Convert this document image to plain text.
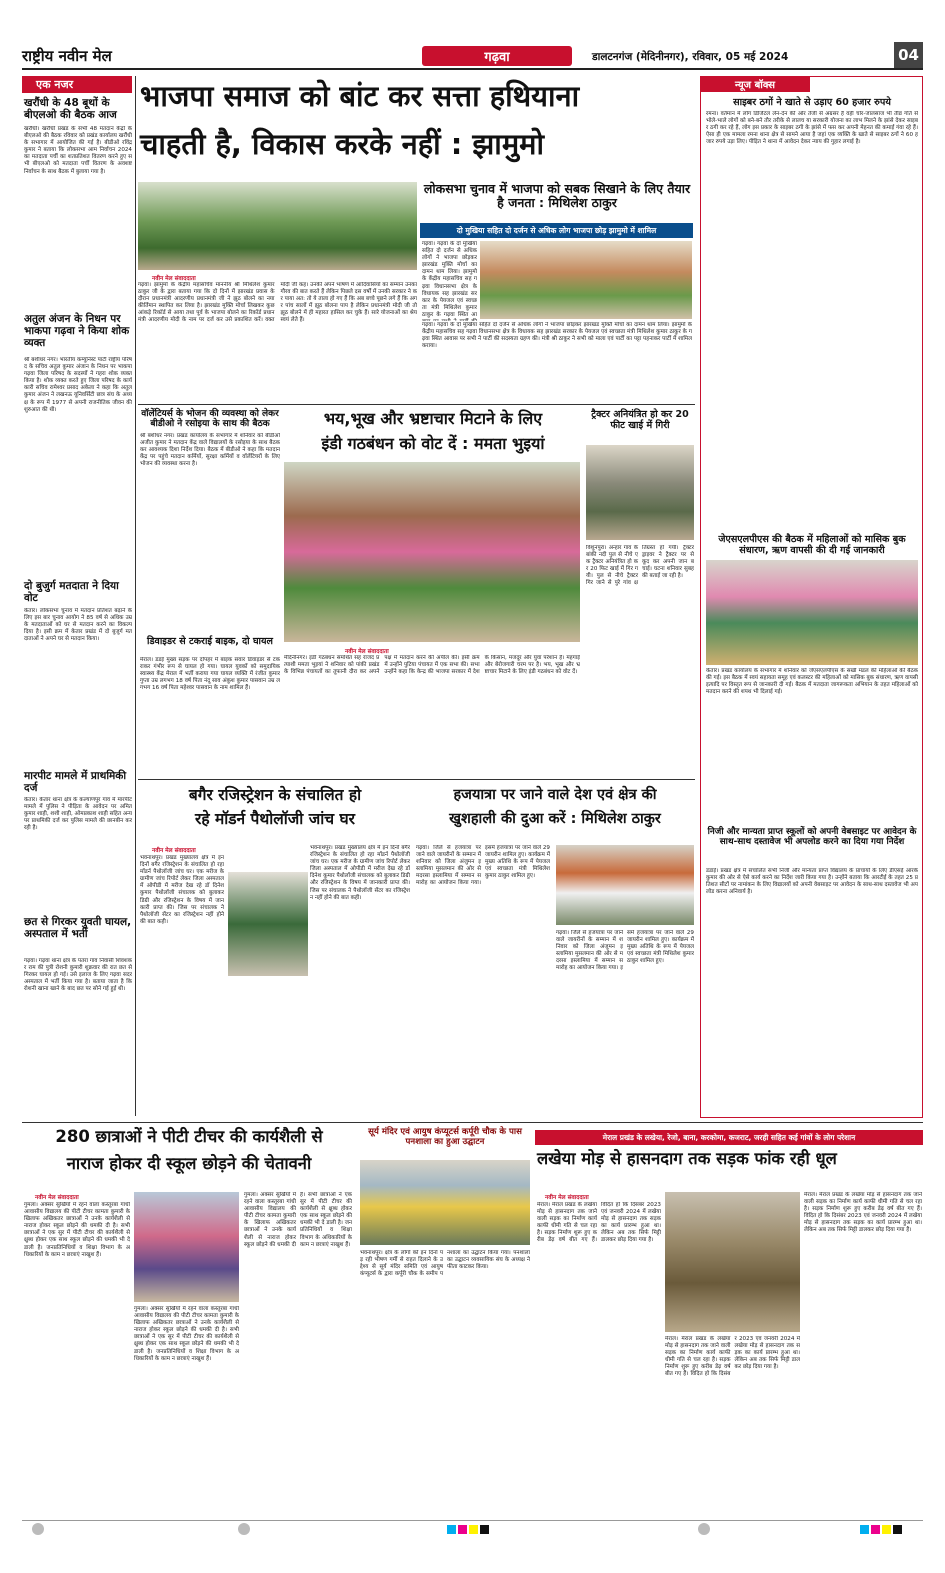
राष्ट्रीय नवीन मेल	गढ़वा	डालटनगंज (मेदिनीनगर), रविवार, 05 मई 2024	04
एक नजर
खरौंधी के 48 बूथों के बीएलओ की बैठक आज
खरौंधी। खरौंधी प्रखंड के सभी 48 मतदान केंद्रों के बीएलओ की बैठक रविवार को प्रखंड कार्यालय खरौंधी के सभागार में आयोजित की गई है। बीडीओ रविंद्र कुमार ने बताया कि लोकसभा आम निर्वाचन 2024 का मतदाता पर्ची का शतप्रतिशत वितरण करने हुए सभी बीएलओ को मतदाता पर्ची वितरण के अवशष्ट निर्वाचन के साथ बैठक में बुलाया गया है।
अतुल अंजन के निधन पर भाकपा गढ़वा ने किया शोक व्यक्त
श्री बंशीधर नगर। भारतीय कम्युनिस्ट पार्टी राष्ट्रीय परिषद के सचिव अतुल कुमार अंजान के निधन पर भाकपा गढ़वा जिला परिषद के सदस्यों ने गहरा शोक व्यक्त किया है। शोक व्यक्त करते हुए जिला परिषद के कार्यकारी सचिव रामेश्वर प्रसाद अकेला ने कहा कि अतुल कुमार अंजन ने लखनऊ यूनिवर्सिटी छात्र संघ के अध्यक्ष के रूप में 1977 से अपनी राजनीतिक जीवन की शुरुआत की थी।
दो बुजुर्ग मतदाता ने दिया वोट
केतार। लोकसभा चुनाव में मतदान प्रतिशत बढ़ाने के लिए इस बार चुनाव आयोग ने 85 वर्ष से अधिक उम्र के मतदाताओं को घर से मतदान करने का विकल्प दिया है। इसी क्रम में केतार प्रखंड में दो बुजुर्ग मतदाताओं ने अपने घर से मतदान किया।
मारपीट मामले में प्राथमिकी दर्ज
केतार। केतार थाना क्षेत्र के कल्याणपुर गांव में मारपीट मामले में पुलिस ने पीड़िता के आवेदन पर अमित कुमार शाही, शशी शाही, ओमप्रकाश शाही सहित अन्य पर प्राथमिकी दर्ज कर पुलिस मामले की छानबीन कर रही है।
छत से गिरकर युवती घायल, अस्पताल में भर्ती
गढ़वा। गढ़वा थाना क्षेत्र के पतरा गांव निवासी शिवशंकर राम की पुत्री रोशनी कुमारी शुक्रवार की रात छत से गिरकर घायल हो गई। उसे इलाज के लिए गढ़वा सदर अस्पताल में भर्ती किया गया है। बताया जाता है कि रोशनी खाना खाने के बाद छत पर सोने गई हुई थी।
भाजपा समाज को बांट कर सत्ता हथियाना
चाहती है, विकास करके नहीं : झामुमो
नवीन मेल संवाददाता
गढ़वा। झामुमो के केंद्रीय महासचिव माननीय श्री मिथिलेश कुमार ठाकुर जी के द्वारा बताया गया कि दो दिनों में झारखंड प्रवास के दौरान प्रधानमंत्री आदरणीय प्रधानमंत्री जी ने झूठ बोलने का नया कीर्तिमान स्थापित कर लिया है। झारखंड मुक्ति मोर्चा लिखकर कुछ आंकड़े रिकॉर्ड से आया तथा पूर्व के भाजपा बोलने का रिकॉर्ड प्रधानमंत्री आदरणीय मोदी के नाम पर दर्ज कर उसे प्रकाशित करें। वक्त मोदी जी कह। उनकी अपने भाषण में आदिवासियों का सम्मान उनका गौरव की बात करते हैं लेकिन पिछले दस वर्षों में उनकी सरकार ने कर पाया अत: तो ये ताला हो गए हैं कि अब बच्चे पूछने लगे हैं कि अगर पांच सालों में झूठ बोलना पाप है लेकिन प्रधानमंत्री मोदी जी तो झूठ बोलने में ही महारत हासिल कर चुके हैं। सारे योजनाओं का श्रेय स्वयं लेते हैं।
लोकसभा चुनाव में भाजपा को सबक सिखाने के लिए तैयार है जनता : मिथिलेश ठाकुर
दो मुखिया सहित दो दर्जन से अधिक लोग भाजपा छोड़ झामुमो में शामिल
गढ़वा। गढ़वा के दो मुखिया सहित दो दर्जन से अधिक लोगों ने भाजपा छोड़कर झारखंड मुक्ति मोर्चा का दामन थाम लिया। झामुमो के केंद्रीय महासचिव सह गढ़वा विधानसभा क्षेत्र के विधायक सह झारखंड सरकार के पेयजल एवं स्वच्छता मंत्री मिथिलेश कुमार ठाकुर के गढ़वा स्थित आ
गढ़वा। गढ़वा के दो मुखिया सहित दो दर्जन से अधिक लोगों ने भाजपा छोड़कर झारखंड मुक्ति मोर्चा का दामन थाम लिया। झामुमो के केंद्रीय महासचिव सह गढ़वा विधानसभा क्षेत्र के विधायक सह झारखंड सरकार के पेयजल एवं स्वच्छता मंत्री मिथिलेश कुमार ठाकुर के गढ़वा स्थित आवास पर सभी ने पार्टी की सदस्यता ग्रहण की। मंत्री श्री ठाकुर ने सभी को माला एवं पार्टी का पट्टा पहनाकर पार्टी में शामिल कराया।
वॉलेंटियर्स के भोजन की व्यवस्था को लेकर बीडीओ ने रसोइया के साथ की बैठक
श्री बंशीधर नगर। प्रखंड कार्यालय के सभागार में शनिवार को बीडीओ अजीत कुमार ने मतदान केंद्र वाले विद्यालयों के रसोइया के साथ बैठक कर आवश्यक दिशा निर्देश दिया। बैठक में बीडीओ ने कहा कि मतदान केंद्र पर पहुंचे मतदान कर्मियों, सुरक्षा कर्मियों व वॉलेंटियरों के लिए भोजन की व्यवस्था करना है।
भय,भूख और भ्रष्टाचार मिटाने के लिए
इंडी गठबंधन को वोट दें : ममता भुइयां
नवीन मेल संवाददाता
मेदिनीनगर। इंडी गठबंधन समर्थित सह राजद प्रत्याशी ममता भुइयां ने शनिवार को पांकी प्रखंड के विभिन्न पंचायतों का तूफानी दौरा कर अपने पक्ष में मतदान करने की अपील की। इसी क्रम में उन्होंने पुटिया पंचायत में एक सभा की। सभा उन्होंने कहा कि केन्द्र की भाजपा सरकार में देश के किसान, मजदूर और युवा परेशान हैं। महंगाई और बेरोजगारी चरम पर है। भय, भूख और भ्रष्टाचार मिटाने के लिए इंडी गठबंधन को वोट दें।
ट्रैक्टर अनियंत्रित हो कर 20 फीट खाई में गिरी
विशुनपुरा। अन्हार गांव के बांकी नदी पुल से नीचे एक ट्रैक्टर अनियंत्रित हो कर 20 फिट खाई में गिर गयी। पुल से नीचे ट्रैक्टर गिर जाने से पुरे गांव क्षतिग्रस्त हो गयी। ट्रैक्टर ड्राइवर ने ट्रैक्टर पर से कूद कर अपनी जान बचाई। घटना शनिवार सुबह की बताई जा रही है।
डिवाइडर से टकराई बाइक, दो घायल
मेराल। डंडई मुख्य सड़क पर दोपहर में बाइक सवार डिवाइडर से टकराकर गंभीर रूप से घायल हो गया। घायल युवकों को समुदायिक स्वास्थ्य केंद्र मेराल में भर्ती कराया गया घायल व्यक्ति में रंजीत कुमार गुप्ता उम्र लगभग 18 वर्ष पिता नंदू साव अंकुश कुमार पासवान उम्र लगभग 16 वर्ष पिता महेश्वर पासवान के नाम शामिल हैं।
बगैर रजिस्ट्रेशन के संचालित हो
रहे मॉडर्न पैथोलॉजी जांच घर
नवीन मेल संवाददाता
भवनाथपुर। प्रखंड मुख्यालय क्षेत्र में इन दिनों बगैर रजिस्ट्रेशन के संचालित हो रहा मॉडर्न पैथोलॉजी जांच घर। एक मरीज के ग्रामीण जांच रिपोर्ट लेकर जिला अस्पताल में ओपीडी में मरीज देख रहे डॉ दिनेश कुमार पैथोलॉजी संचालक को बुलाकर डिग्री और रजिस्ट्रेशन के विषय में जानकारी प्राप्त की। जिस पर संचालक ने पैथोलॉजी सेंटर का रजिस्ट्रेशन नहीं होने की बात कही।
भवनाथपुर। प्रखंड मुख्यालय क्षेत्र में इन दिनों बगैर रजिस्ट्रेशन के संचालित हो रहा मॉडर्न पैथोलॉजी जांच घर। एक मरीज के ग्रामीण जांच रिपोर्ट लेकर जिला अस्पताल में ओपीडी में मरीज देख रहे डॉ दिनेश कुमार पैथोलॉजी संचालक को बुलाकर डिग्री और रजिस्ट्रेशन के विषय में जानकारी प्राप्त की। जिस पर संचालक ने पैथोलॉजी सेंटर का रजिस्ट्रेशन नहीं होने की बात कही।
हजयात्रा पर जाने वाले देश एवं क्षेत्र की
खुशहाली की दुआ करें : मिथिलेश ठाकुर
गढ़वा। जिले से हजयात्रा पर जाने वाले जायरीनों के सम्मान में शनिवार को जिला अंजुमन इस्लामिया मुसलमान की ओर से मदरसा इस्लामिया में सम्मान समारोह का आयोजन किया गया। इसमें हजयात्रा पर जाने वाले 29 जायरीन शामिल हुए। कार्यक्रम में मुख्य अतिथि के रूप में पेयजल एवं स्वच्छता मंत्री मिथिलेश कुमार ठाकुर शामिल हुए।
गढ़वा। जिले से हजयात्रा पर जाने वाले जायरीनों के सम्मान में शनिवार को जिला अंजुमन इस्लामिया मुसलमान की ओर से मदरसा इस्लामिया में सम्मान समारोह का आयोजन किया गया। इसमें हजयात्रा पर जाने वाले 29 जायरीन शामिल हुए। कार्यक्रम में मुख्य अतिथि के रूप में पेयजल एवं स्वच्छता मंत्री मिथिलेश कुमार ठाकुर शामिल हुए।
280 छात्राओं ने पीटी टीचर की कार्यशैली से
नाराज होकर दी स्कूल छोड़ने की चेतावनी
नवीन मेल संवाददाता
गुमला। अक्सर सुर्खियों में रहने वाला कस्तूरबा गांधी आवासीय विद्यालय की पीटी टीचर कामता कुमारी के खिलाफ अखिकतर छात्राओं ने उनके कार्यशैली से नाराज होकर स्कूल छोड़ने की धमकी दी है। सभी छात्राओं ने एक सुर में पीटी टीचर की कार्यशैली से क्षुब्ध होकर एक साथ स्कूल छोड़ने की धमकी भी दे डाली है। जनप्रतिनिधियों व शिक्षा विभाग के अधिकारियों के काम न छात्राएं नाखुश हैं।
गुमला। अक्सर सुर्खियों में रहने वाला कस्तूरबा गांधी आवासीय विद्यालय की पीटी टीचर कामता कुमारी के खिलाफ अखिकतर छात्राओं ने उनके कार्यशैली से नाराज होकर स्कूल छोड़ने की धमकी दी है। सभी छात्राओं ने एक सुर में पीटी टीचर की कार्यशैली से क्षुब्ध होकर एक साथ स्कूल छोड़ने की धमकी भी दे डाली है। जनप्रतिनिधियों व शिक्षा विभाग के अधिकारियों के काम न छात्राएं नाखुश हैं।
गुमला। अक्सर सुर्खियों में रहने वाला कस्तूरबा गांधी आवासीय विद्यालय की पीटी टीचर कामता कुमारी के खिलाफ अखिकतर छात्राओं ने उनके कार्यशैली से नाराज होकर स्कूल छोड़ने की धमकी दी है। सभी छात्राओं ने एक सुर में पीटी टीचर की कार्यशैली से क्षुब्ध होकर एक साथ स्कूल छोड़ने की धमकी भी दे डाली है। जनप्रतिनिधियों व शिक्षा विभाग के अधिकारियों के काम न छात्राएं नाखुश हैं।
सूर्य मंदिर एवं आयुष कंप्यूटर्स कर्पूरी चौक के पास पनशाला का हुआ उद्घाटन
भवनाथपुर। क्षेत्र के लोगों को इन दिनों पड़ रही भीषण गर्मी से राहत दिलाने के उद्देश्य से सूर्य मंदिर समिति एवं आयुष कंप्यूटर्स के द्वारा कर्पूरी चौक के समीप पनशाला का उद्घाटन किया गया। पनशाला का उद्घाटन व्यवसायिक संघ के अध्यक्ष ने फीता काटकर किया।
मेराल प्रखंड के लखेया, रेजो, बाना, करकोमा, कजराट, जरही सहित कई गांवों के लोग परेशान
लखेया मोड़ से हासनदाग तक सड़क फांक रही धूल
नवीन मेल संवाददाता
मेराल। मेराल प्रखंड के लखेया मोड़ से हासनदाग तक जाने वाली सड़क का निर्माण कार्य काफी धीमी गति से चल रहा है। सड़क निर्माण शुरू हुए करीब डेढ़ वर्ष बीत गए हैं। विदित हो कि दिसंबर 2023 एवं जनवरी 2024 में लखेया मोड़ से हासनदाग तक सड़क का कार्य प्रारम्भ हुआ था। लेकिन अब तक सिर्फ मिट्टी डालकर छोड़ दिया गया है।
मेराल। मेराल प्रखंड के लखेया मोड़ से हासनदाग तक जाने वाली सड़क का निर्माण कार्य काफी धीमी गति से चल रहा है। सड़क निर्माण शुरू हुए करीब डेढ़ वर्ष बीत गए हैं। विदित हो कि दिसंबर 2023 एवं जनवरी 2024 में लखेया मोड़ से हासनदाग तक सड़क का कार्य प्रारम्भ हुआ था। लेकिन अब तक सिर्फ मिट्टी डालकर छोड़ दिया गया है।
मेराल। मेराल प्रखंड के लखेया मोड़ से हासनदाग तक जाने वाली सड़क का निर्माण कार्य काफी धीमी गति से चल रहा है। सड़क निर्माण शुरू हुए करीब डेढ़ वर्ष बीत गए हैं। विदित हो कि दिसंबर 2023 एवं जनवरी 2024 में लखेया मोड़ से हासनदाग तक सड़क का कार्य प्रारम्भ हुआ था। लेकिन अब तक सिर्फ मिट्टी डालकर छोड़ दिया गया है।
न्यूज बॉक्स
साइबर ठगों ने खाते से उड़ाए 60 हजार रुपये
रमना। वर्तमान में लोग डिजिटल लेन-देन की ओर तेजी से अग्रसर हैं वहीं चोर-जालसाज भी तीव्र गति से भोले-भाले लोगों को बने-बने तौर तरीके से लालच या सरकारी योजना का लाभ मिलने के झांसे देकर साइबर ठगी कर रहे हैं, लोग इस प्रकार के साइबर ठगी के झांसे में फस कर अपनी मेहनत की कमाई गंवा रहे हैं। ऐसा ही एक मामला रमना थाना क्षेत्र से सामने आया है जहां एक व्यक्ति के खाते से साइबर ठगों ने 60 हजार रुपये उड़ा लिए। पीड़ित ने थाना में आवेदन देकर न्याय की गुहार लगाई है।
जेएसएलपीएस की बैठक में महिलाओं को मासिक बुक संधारण, ऋण वापसी की दी गई जानकारी
केतार। प्रखंड कार्यालय के सभागार में शनिवार को जेएसएलपीएस के सखी मंडल की महिलाओं की बैठक की गई। इस बैठक में स्वयं सहायता समूह एवं कलस्टर की महिलाओं को मासिक बुक संधारण, ऋण वापसी इत्यादि पर विस्तृत रूप से जानकारी दी गई। बैठक में मतदाता जागरूकता अभियान के तहत महिलाओं को मतदान करने की शपथ भी दिलाई गई।
निजी और मान्यता प्राप्त स्कूलों को अपनी वेबसाइट पर आवेदन के साथ-साथ दस्तावेज भी अपलोड करने का दिया गया निर्देश
डंडाई। प्रखंड क्षेत्र में संचालित सभी निजी और मान्यता प्राप्त विद्यालय के प्राचार्यों के लिए डीएसई आरके कुमार की ओर से ऐसे कार्य करने का निर्देश जारी किया गया है। उन्होंने बताया कि आरटीई के तहत 25 प्रतिशत सीटों पर नामांकन के लिए विद्यालयों को अपनी वेबसाइट पर आवेदन के साथ-साथ दस्तावेज भी अपलोड करना अनिवार्य है।
